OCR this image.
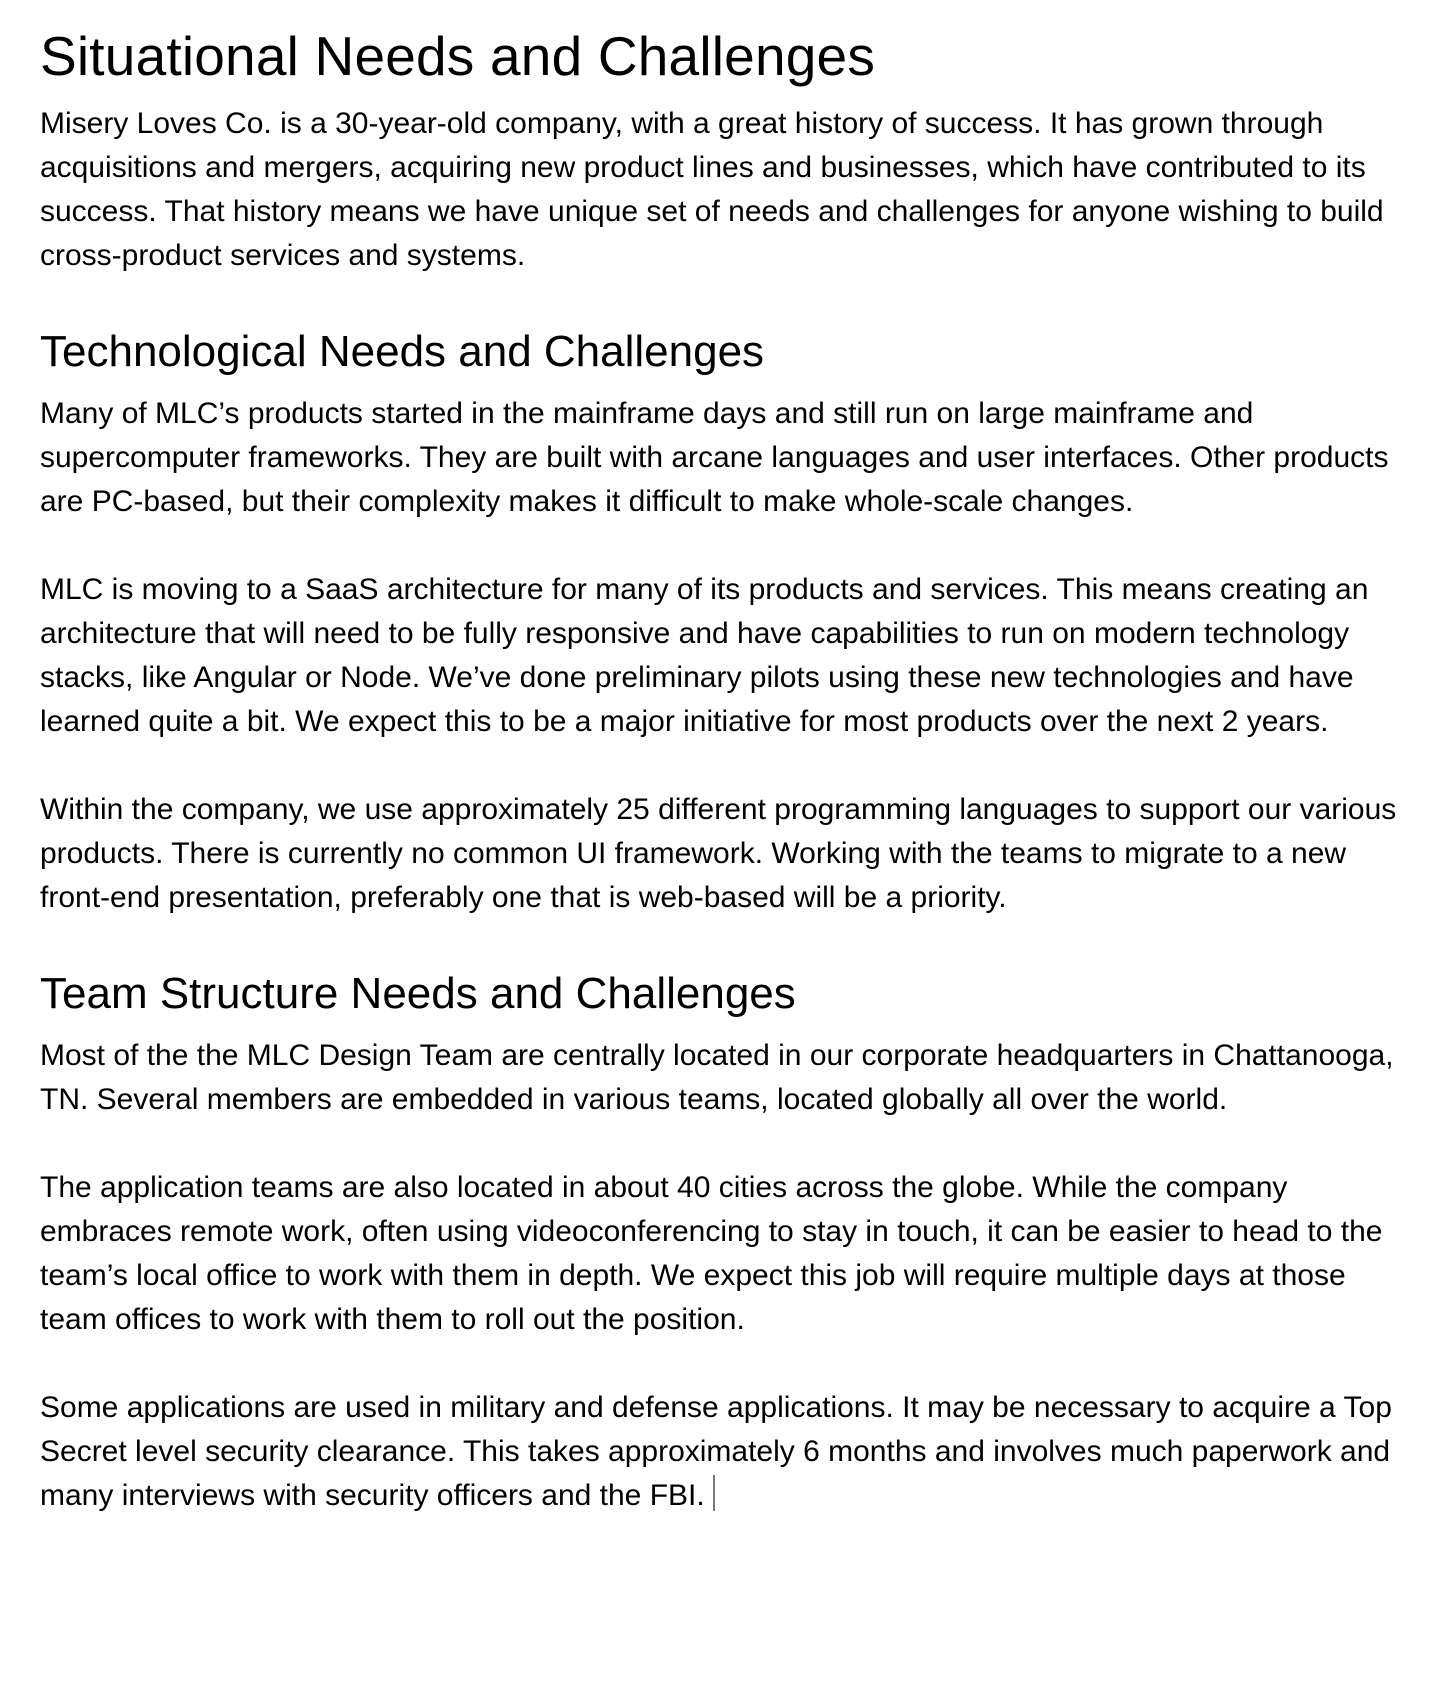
Situational Needs and Challenges

Misery Loves Co. is a 30-year-old company, with a great history of success. It has grown through acquisitions and mergers, acquiring new product lines and businesses, which have contributed to its success. That history means we have unique set of needs and challenges for anyone wishing to build cross-product services and systems.

Technological Needs and Challenges

Many of MLC’s products started in the mainframe days and still run on large mainframe and supercomputer frameworks. They are built with arcane languages and user interfaces. Other products are PC-based, but their complexity makes it difficult to make whole-scale changes.

MLC is moving to a SaaS architecture for many of its products and services. This means creating an architecture that will need to be fully responsive and have capabilities to run on modern technology stacks, like Angular or Node. We’ve done preliminary pilots using these new technologies and have learned quite a bit. We expect this to be a major initiative for most products over the next 2 years.

Within the company, we use approximately 25 different programming languages to support our various products. There is currently no common UI framework. Working with the teams to migrate to a new front-end presentation, preferably one that is web-based will be a priority.

Team Structure Needs and Challenges

Most of the the MLC Design Team are centrally located in our corporate headquarters in Chattanooga, TN. Several members are embedded in various teams, located globally all over the world.

The application teams are also located in about 40 cities across the globe. While the company embraces remote work, often using videoconferencing to stay in touch, it can be easier to head to the team’s local office to work with them in depth. We expect this job will require multiple days at those team offices to work with them to roll out the position.

Some applications are used in military and defense applications. It may be necessary to acquire a Top Secret level security clearance. This takes approximately 6 months and involves much paperwork and many interviews with security officers and the FBI.
